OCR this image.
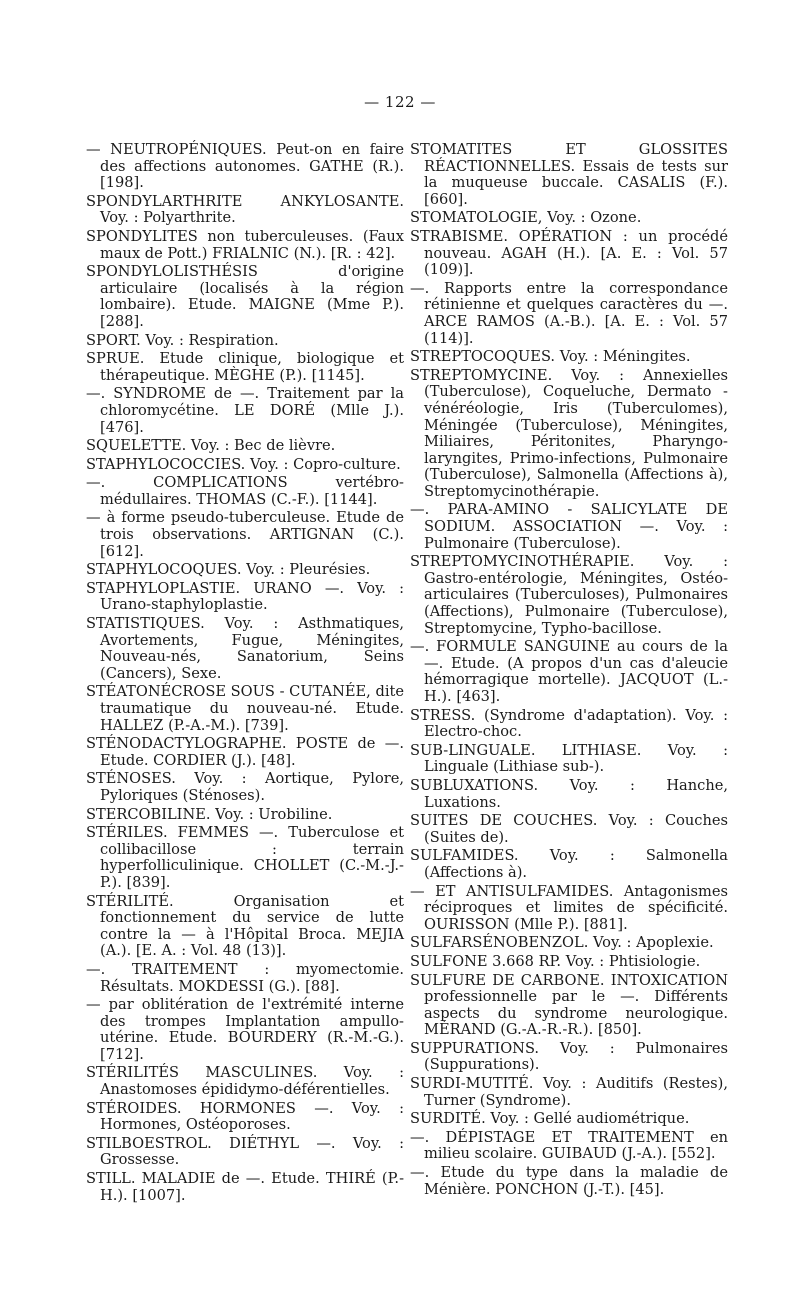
— 122 —
— NEUTROPÉNIQUES. Peut-on en faire des affections autonomes. GATHE (R.). [198].
SPONDYLARTHRITE ANKYLOSANTE. Voy. : Polyarthrite.
SPONDYLITES non tuberculeuses. (Faux maux de Pott.) FRIALNIC (N.). [R. : 42].
SPONDYLOLISTHÉSIS d'origine articulaire (localisés à la région lombaire). Etude. MAIGNE (Mme P.). [288].
SPORT. Voy. : Respiration.
SPRUE. Etude clinique, biologique et thérapeutique. MÈGHE (P.). [1145].
—. SYNDROME de —. Traitement par la chloromycétine. LE DORÉ (Mlle J.). [476].
SQUELETTE. Voy. : Bec de lièvre.
STAPHYLOCOCCIES. Voy. : Copro-culture.
—. COMPLICATIONS vertébro-médullaires. THOMAS (C.-F.). [1144].
— à forme pseudo-tuberculeuse. Etude de trois observations. ARTIGNAN (C.). [612].
STAPHYLOCOQUES. Voy. : Pleurésies.
STAPHYLOPLASTIE. URANO —. Voy. : Urano-staphyloplastie.
STATISTIQUES. Voy. : Asthmatiques, Avortements, Fugue, Méningites, Nouveau-nés, Sanatorium, Seins (Cancers), Sexe.
STÉATONÉCROSE SOUS - CUTANÉE, dite traumatique du nouveau-né. Etude. HALLEZ (P.-A.-M.). [739].
STÉNODACTYLOGRAPHE. POSTE de —. Etude. CORDIER (J.). [48].
STÉNOSES. Voy. : Aortique, Pylore, Pyloriques (Sténoses).
STERCOBILINE. Voy. : Urobiline.
STÉRILES. FEMMES —. Tuberculose et collibacillose : terrain hyperfolliculinique. CHOLLET (C.-M.-J.-P.). [839].
STÉRILITÉ. Organisation et fonctionnement du service de lutte contre la — à l'Hôpital Broca. MEJIA (A.). [E. A. : Vol. 48 (13)].
—. TRAITEMENT : myomectomie. Résultats. MOKDESSI (G.). [88].
— par oblitération de l'extrémité interne des trompes Implantation ampullo-utérine. Etude. BOURDERY (R.-M.-G.). [712].
STÉRILITÉS MASCULINES. Voy. : Anastomoses épididymo-déférentielles.
STÉROIDES. HORMONES —. Voy. : Hormones, Ostéoporoses.
STILBOESTROL. DIÉTHYL —. Voy. : Grossesse.
STILL. MALADIE de —. Etude. THIRÉ (P.-H.). [1007].
STOMATITES ET GLOSSITES RÉACTIONNELLES. Essais de tests sur la muqueuse buccale. CASALIS (F.). [660].
STOMATOLOGIE, Voy. : Ozone.
STRABISME. OPÉRATION : un procédé nouveau. AGAH (H.). [A. E. : Vol. 57 (109)].
—. Rapports entre la correspondance rétinienne et quelques caractères du —. ARCE RAMOS (A.-B.). [A. E. : Vol. 57 (114)].
STREPTOCOQUES. Voy. : Méningites.
STREPTOMYCINE. Voy. : Annexielles (Tuberculose), Coqueluche, Dermato - vénéréologie, Iris (Tuberculomes), Méningée (Tuberculose), Méningites, Miliaires, Péritonites, Pharyngo-laryngites, Primo-infections, Pulmonaire (Tuberculose), Salmonella (Affections à), Streptomycinothérapie.
—. PARA-AMINO - SALICYLATE DE SODIUM. ASSOCIATION —. Voy. : Pulmonaire (Tuberculose).
STREPTOMYCINOTHÉRAPIE. Voy. : Gastro-entérologie, Méningites, Ostéo-articulaires (Tuberculoses), Pulmonaires (Affections), Pulmonaire (Tuberculose), Streptomycine, Typho-bacillose.
—. FORMULE SANGUINE au cours de la —. Etude. (A propos d'un cas d'aleucie hémorragique mortelle). JACQUOT (L.-H.). [463].
STRESS. (Syndrome d'adaptation). Voy. : Electro-choc.
SUB-LINGUALE. LITHIASE. Voy. : Linguale (Lithiase sub-).
SUBLUXATIONS. Voy. : Hanche, Luxations.
SUITES DE COUCHES. Voy. : Couches (Suites de).
SULFAMIDES. Voy. : Salmonella (Affections à).
— ET ANTISULFAMIDES. Antagonismes réciproques et limites de spécificité. OURISSON (Mlle P.). [881].
SULFARSÉNOBENZOL. Voy. : Apoplexie.
SULFONE 3.668 RP. Voy. : Phtisiologie.
SULFURE DE CARBONE. INTOXICATION professionnelle par le —. Différents aspects du syndrome neurologique. MÉRAND (G.-A.-R.-R.). [850].
SUPPURATIONS. Voy. : Pulmonaires (Suppurations).
SURDI-MUTITÉ. Voy. : Auditifs (Restes), Turner (Syndrome).
SURDITÉ. Voy. : Gellé audiométrique.
—. DÉPISTAGE ET TRAITEMENT en milieu scolaire. GUIBAUD (J.-A.). [552].
—. Etude du type dans la maladie de Ménière. PONCHON (J.-T.). [45].
